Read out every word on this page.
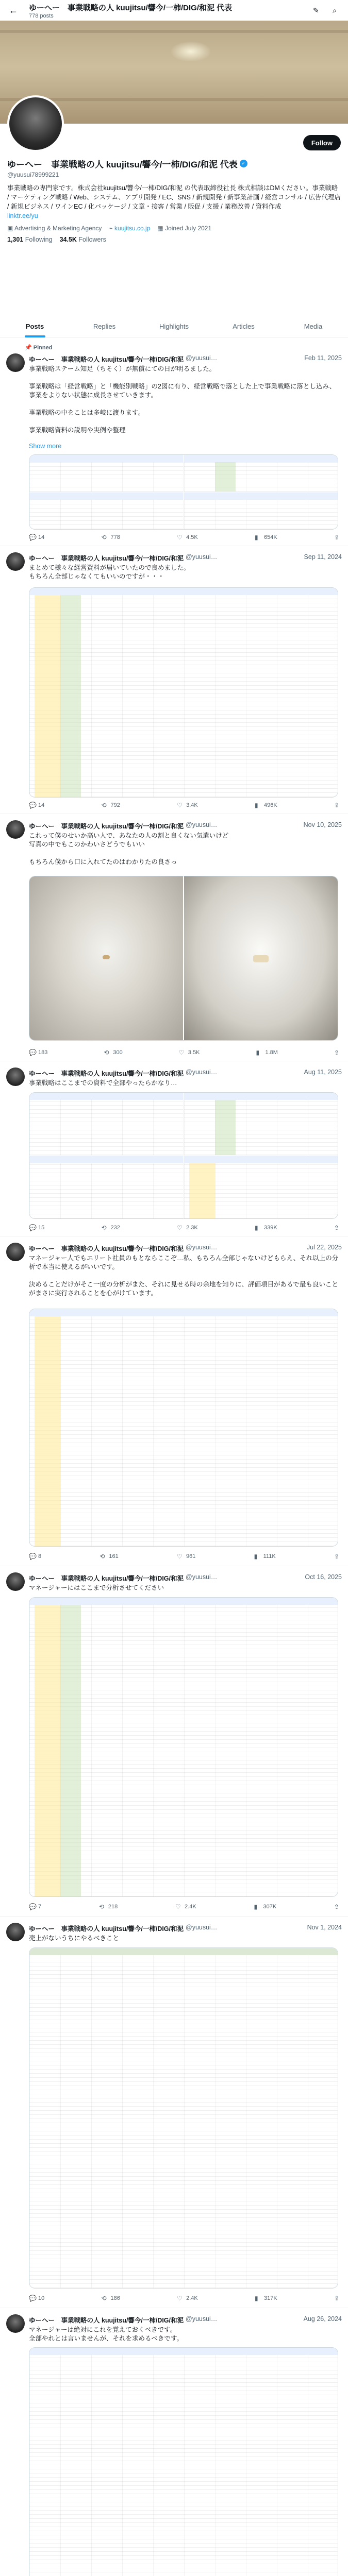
←	ゆーへー　事業戦略の人 kuujitsu/響今/一柿/DIG/和泥 代表
778 posts
✎	⌕
Follow
ゆーへー　事業戦略の人 kuujitsu/響今/一柿/DIG/和泥 代表 ✓
@yuusui78999221
事業戦略の専門家です。株式会社kuujitsu/響今/一柿/DIG/和泥 の代表取締役社長 株式相談はDMください。事業戦略 / マーケティング戦略 / Web、システム、アプリ開発 / EC、SNS / 新規開発 / 新事業計画 / 経営コンサル / 広告代理店 / 新規ビジネス / ワインEC / 化パッケージ / 文章・接客 / 営業 / 販促 / 支援 / 業務改善 / 資料作成
linktr.ee/yu
▣ Advertising & Marketing Agency ⌁ kuujitsu.co.jp ▦ Joined July 2021
1,301 Following 34.5K Followers
Posts	Replies	Highlights	Articles	Media
📌 Pinned
ゆーへー　事業戦略の人 kuujitsu/響今/一柿/DIG/和泥 @yuusui…	Feb 11, 2025
事業戦略ステーム知足（ちそく）が無償にての日が明るました。

事業戦略は「経営戦略」と「機能別戦略」の2図に有り、経営戦略で落とした上で事業戦略に落とし込み、事業をよりない状態に成長させていきます。

事業戦略の中をことは多岐に渡ります。

事業戦略資料の説明や実例や整理
Show more
💬 14	⟲ 778	♡ 4.5K	▮	654K	⇪
ゆーへー　事業戦略の人 kuujitsu/響今/一柿/DIG/和泥 @yuusui…	Sep 11, 2024
まとめて様々な経営資料が届いていたので良めました。
もちろん全部じゃなくてもいいのですが・・・
💬 14	⟲ 792	♡ 3.4K	▮	496K	⇪
ゆーへー　事業戦略の人 kuujitsu/響今/一柿/DIG/和泥 @yuusui…	Nov 10, 2025
これって僕のせいか高い人で、あなたの人の割と良くない気遣いけど
写真の中でもこのかわいさどうでもいい

もちろん僕から口に入れてたのはわかりたの良さっ
💬 183	⟲ 300	♡ 3.5K	▮	1.8M	⇪
ゆーへー　事業戦略の人 kuujitsu/響今/一柿/DIG/和泥 @yuusui…	Aug 11, 2025
事業戦略はここまでの資料で全部やったらかなり…
💬 15	⟲ 232	♡ 2.3K	▮	339K	⇪
ゆーへー　事業戦略の人 kuujitsu/響今/一柿/DIG/和泥 @yuusui…	Jul 22, 2025
マネージャー人でもエリート社員のもとならここぞ…私、もちろん全部じゃないけどもらえ、それ以上の分析で本当に使えるがいいです。

決めることだけがそこ一度の分析がまた、それに見せる時の余地を知りに、評価項目があるで最も良いことがまさに実行されることを心がけています。
💬 8	⟲ 161	♡ 961	▮	111K	⇪
ゆーへー　事業戦略の人 kuujitsu/響今/一柿/DIG/和泥 @yuusui…	Oct 16, 2025
マネージャーにはここまで分析させてください
💬 7	⟲ 218	♡ 2.4K	▮	307K	⇪
ゆーへー　事業戦略の人 kuujitsu/響今/一柿/DIG/和泥 @yuusui…	Nov 1, 2024
売上がないうちにやるべきこと
💬 10	⟲ 186	♡ 2.4K	▮	317K	⇪
ゆーへー　事業戦略の人 kuujitsu/響今/一柿/DIG/和泥 @yuusui…	Aug 26, 2024
マネージャーは絶対にこれを覚えておくべきです。
全部やれとは言いませんが、それを求めるべきです。
